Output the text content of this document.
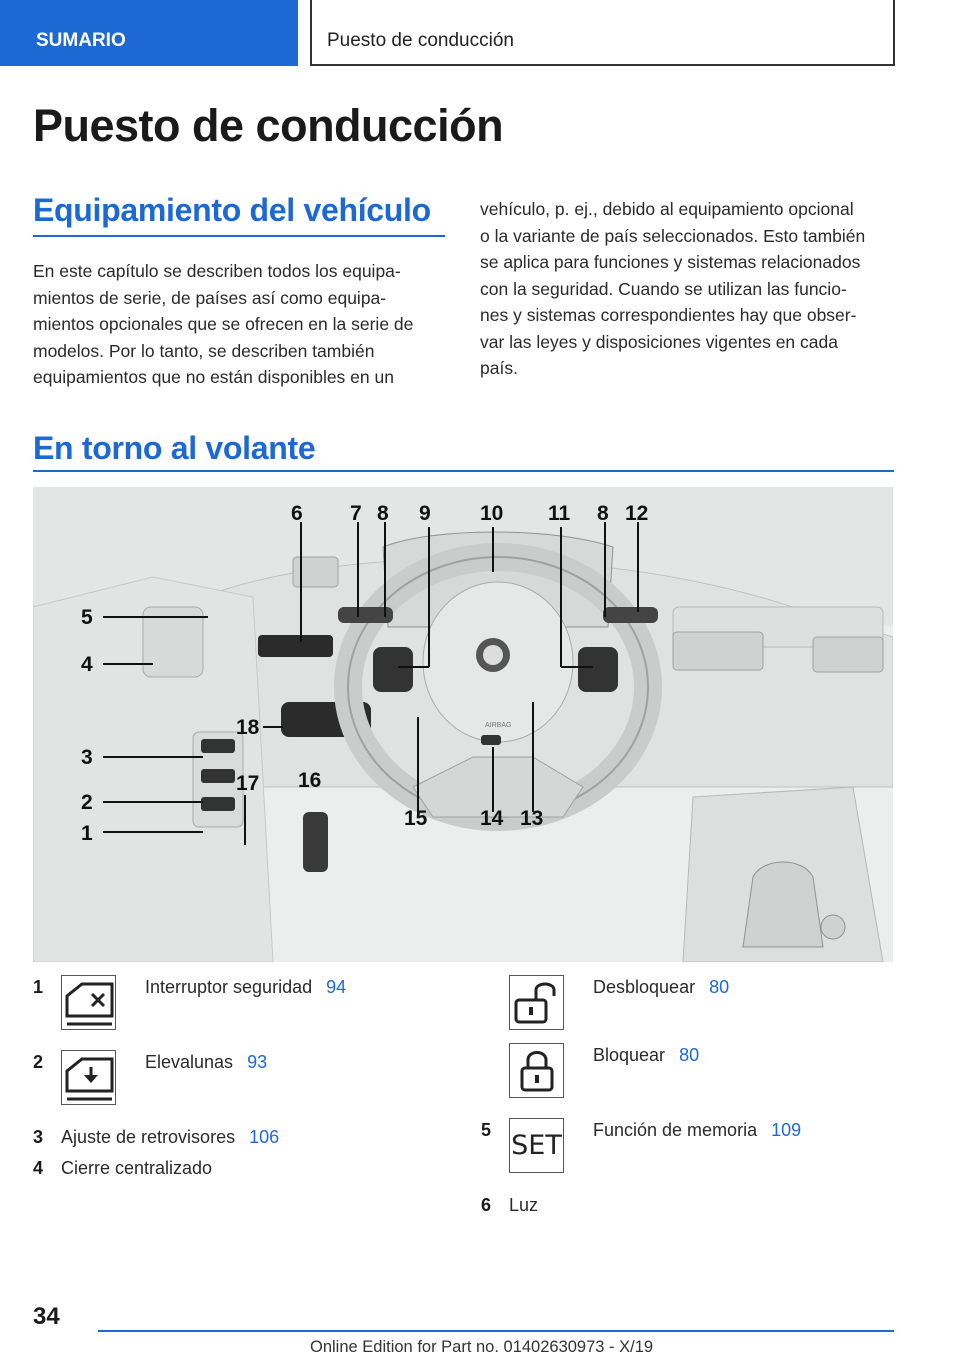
SUMARIO	Puesto de conducción
Puesto de conducción
Equipamiento del vehículo
En este capítulo se describen todos los equipa-
mientos de serie, de países así como equipa-
mientos opcionales que se ofrecen en la serie de
modelos. Por lo tanto, se describen también
equipamientos que no están disponibles en un
vehículo, p. ej., debido al equipamiento opcional
o la variante de país seleccionados. Esto también
se aplica para funciones y sistemas relacionados
con la seguridad. Cuando se utilizan las funcio-
nes y sistemas correspondientes hay que obser-
var las leyes y disposiciones vigentes en cada
país.
En torno al volante
AIRBAG
6 7 8 9 10 11 8 12
5
4
3
2
1
18
17 16
15	14 13
1	Interruptor seguridad 94
2	Elevalunas 93
3 Ajuste de retrovisores 106
4 Cierre centralizado
Desbloquear 80
Bloquear 80
5 SET Función de memoria 109
6 Luz
34
Online Edition for Part no. 01402630973 - X/19
